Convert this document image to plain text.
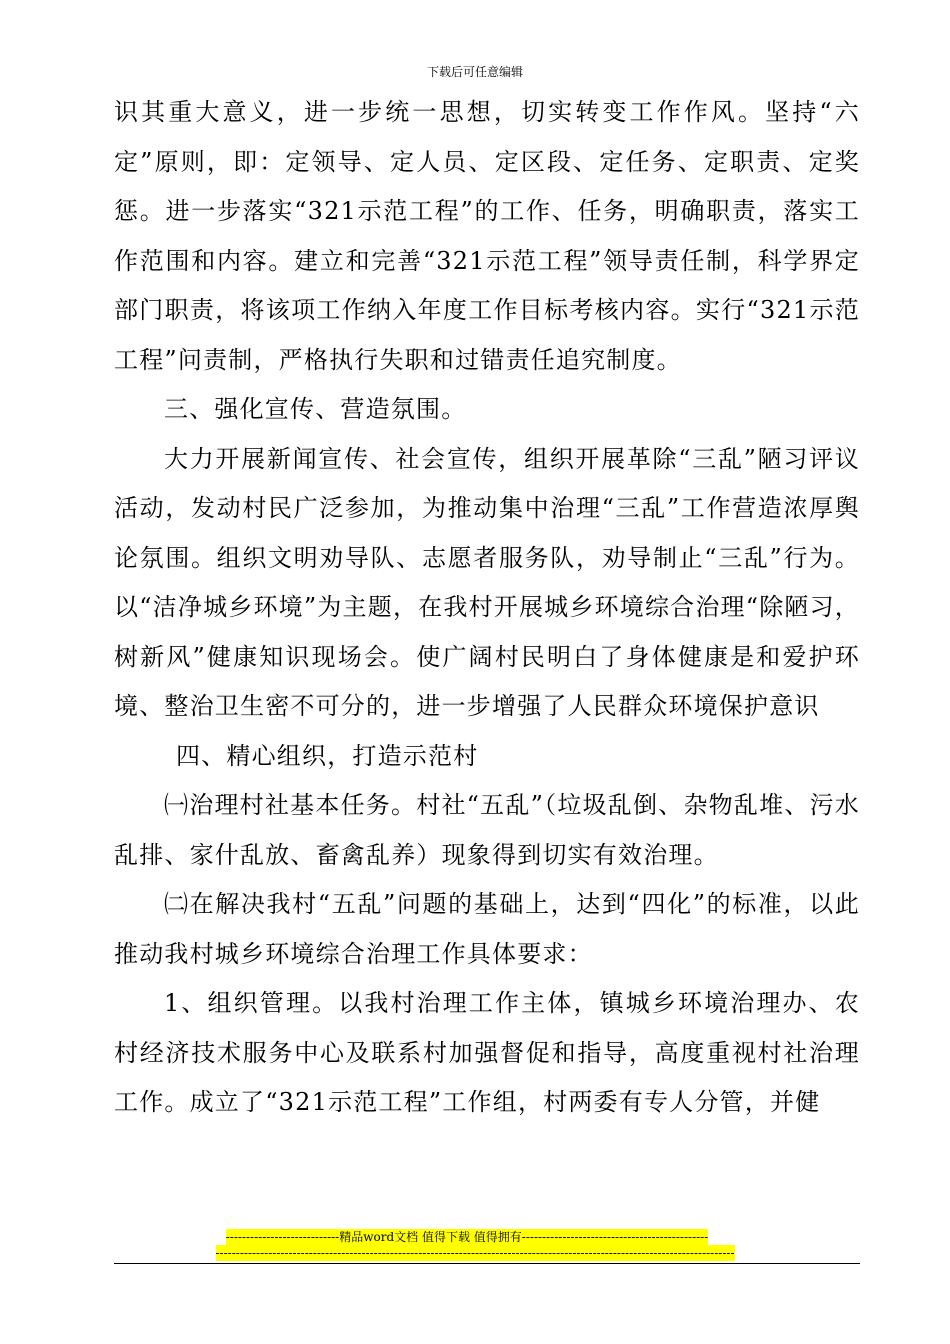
下载后可任意编辑

识其重大意义，进一步统一思想，切实转变工作作风。坚持“六定”原则，即：定领导、定人员、定区段、定任务、定职责、定奖惩。进一步落实“321示范工程”的工作、任务，明确职责，落实工作范围和内容。建立和完善“321示范工程”领导责任制，科学界定部门职责，将该项工作纳入年度工作目标考核内容。实行“321示范工程”问责制，严格执行失职和过错责任追究制度。

三、强化宣传、营造氛围。

大力开展新闻宣传、社会宣传，组织开展革除“三乱”陋习评议活动，发动村民广泛参加，为推动集中治理“三乱”工作营造浓厚舆论氛围。组织文明劝导队、志愿者服务队，劝导制止“三乱”行为。以“洁净城乡环境”为主题，在我村开展城乡环境综合治理“除陋习，树新风”健康知识现场会。使广阔村民明白了身体健康是和爱护环境、整治卫生密不可分的，进一步增强了人民群众环境保护意识

四、精心组织，打造示范村

㈠治理村社基本任务。村社“五乱”（垃圾乱倒、杂物乱堆、污水乱排、家什乱放、畜禽乱养）现象得到切实有效治理。

㈡在解决我村“五乱”问题的基础上，达到“四化”的标准，以此推动我村城乡环境综合治理工作具体要求：

1、组织管理。以我村治理工作主体，镇城乡环境治理办、农村经济技术服务中心及联系村加强督促和指导，高度重视村社治理工作。成立了“321示范工程”工作组，村两委有专人分管，并健

----------------------------精品word文档 值得下载 值得拥有----------------------------------------------
--------------------------------------------------------------------------------------------------------------------------------
